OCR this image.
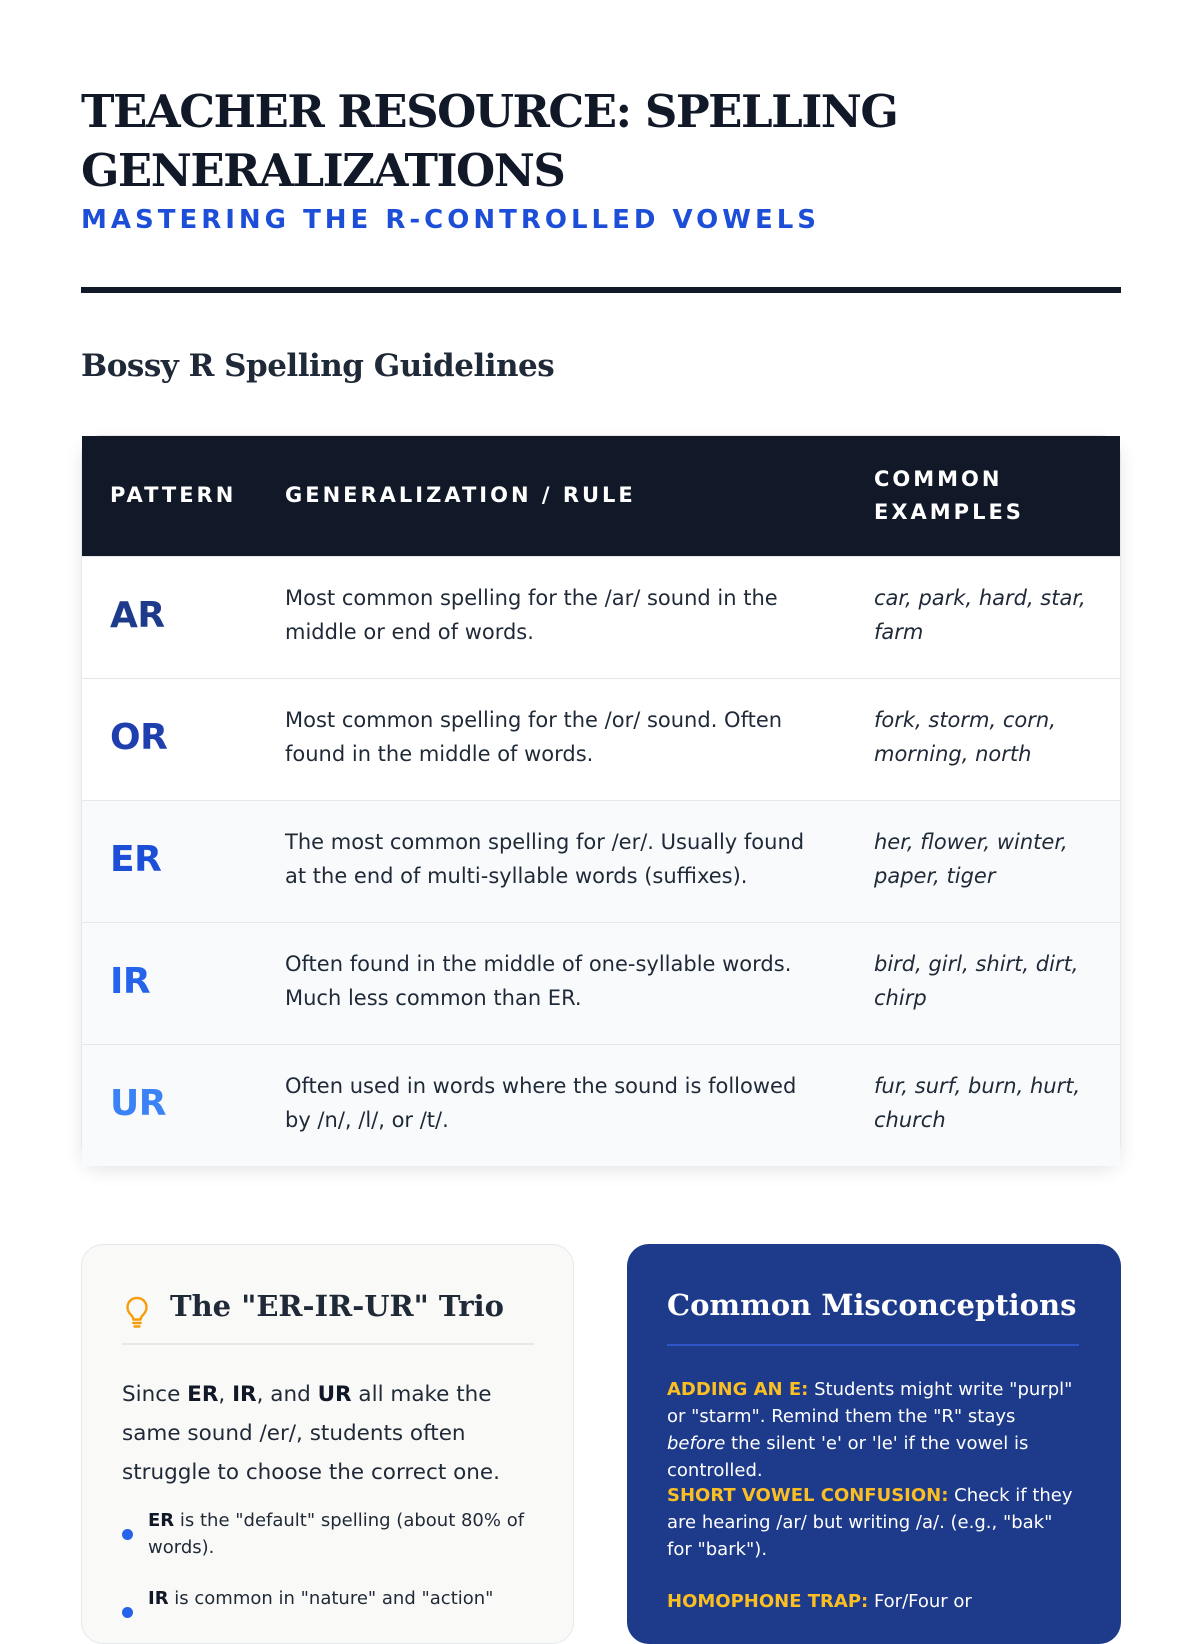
TEACHER RESOURCE: SPELLING GENERALIZATIONS
MASTERING THE R-CONTROLLED VOWELS
Bossy R Spelling Guidelines
PATTERN GENERALIZATION / RULE
COMMON EXAMPLES
AR	Most common spelling for the /ar/ sound in the middle or end of words.
car, park, hard, star, farm
OR	Most common spelling for the /or/ sound. Often found in the middle of words.
fork, storm, corn, morning, north
ER	The most common spelling for /er/. Usually found at the end of multi-syllable words (suffixes).
her, flower, winter, paper, tiger
IR	Often found in the middle of one-syllable words. Much less common than ER.
bird, girl, shirt, dirt, chirp
UR	Often used in words where the sound is followed by /n/, /l/, or /t/.
fur, surf, burn, hurt, church
The "ER-IR-UR" Trio

Since ER, IR, and UR all make the same sound /er/, students often struggle to choose the correct one.

ER is the "default" spelling (about 80% of words).
IR is common in "nature" and "action"
Common Misconceptions

ADDING AN E: Students might write "purpl" or "starm". Remind them the "R" stays before the silent 'e' or 'le' if the vowel is controlled.

SHORT VOWEL CONFUSION: Check if they are hearing /ar/ but writing /a/. (e.g., "bak" for "bark").

HOMOPHONE TRAP: For/Four or
